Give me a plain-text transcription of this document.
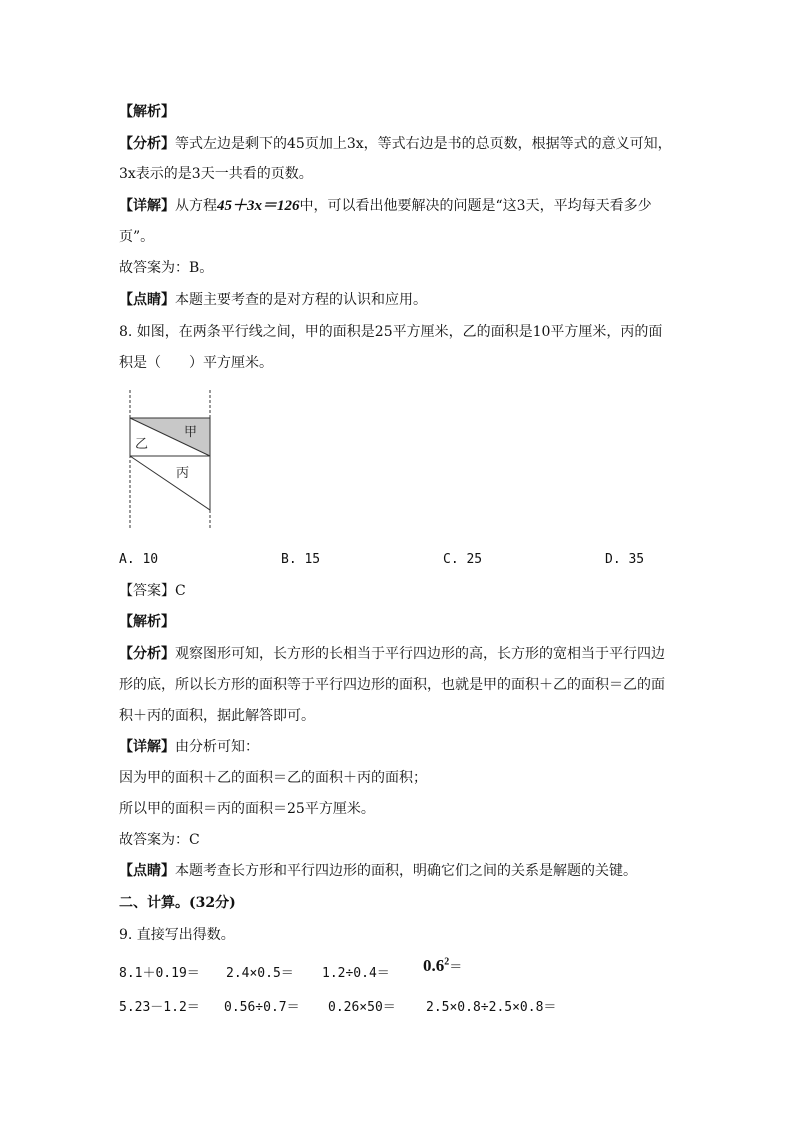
【解析】
【分析】等式左边是剩下的45页加上3x，等式右边是书的总页数，根据等式的意义可知，
3x表示的是3天一共看的页数。
【详解】从方程45＋3x＝126中，可以看出他要解决的问题是“这3天，平均每天看多少
页”。
故答案为：B。
【点睛】本题主要考查的是对方程的认识和应用。
8. 如图，在两条平行线之间，甲的面积是25平方厘米，乙的面积是10平方厘米，丙的面
积是（　　）平方厘米。
甲
乙
丙
A. 10	B. 15	C. 25	D. 35
【答案】C
【解析】
【分析】观察图形可知，长方形的长相当于平行四边形的高，长方形的宽相当于平行四边
形的底，所以长方形的面积等于平行四边形的面积，也就是甲的面积＋乙的面积＝乙的面
积＋丙的面积，据此解答即可。
【详解】由分析可知：
因为甲的面积＋乙的面积＝乙的面积＋丙的面积；
所以甲的面积＝丙的面积＝25平方厘米。
故答案为：C
【点睛】本题考查长方形和平行四边形的面积，明确它们之间的关系是解题的关键。
二、计算。(32分)
9. 直接写出得数。
$8.1+0.19= 2.4\times 0.5= 1.2\div 0.4= 0.6^2=$
5.23－1.2＝ 0.56÷0.7＝ 0.26×50＝ 2.5×0.8÷2.5×0.8＝
